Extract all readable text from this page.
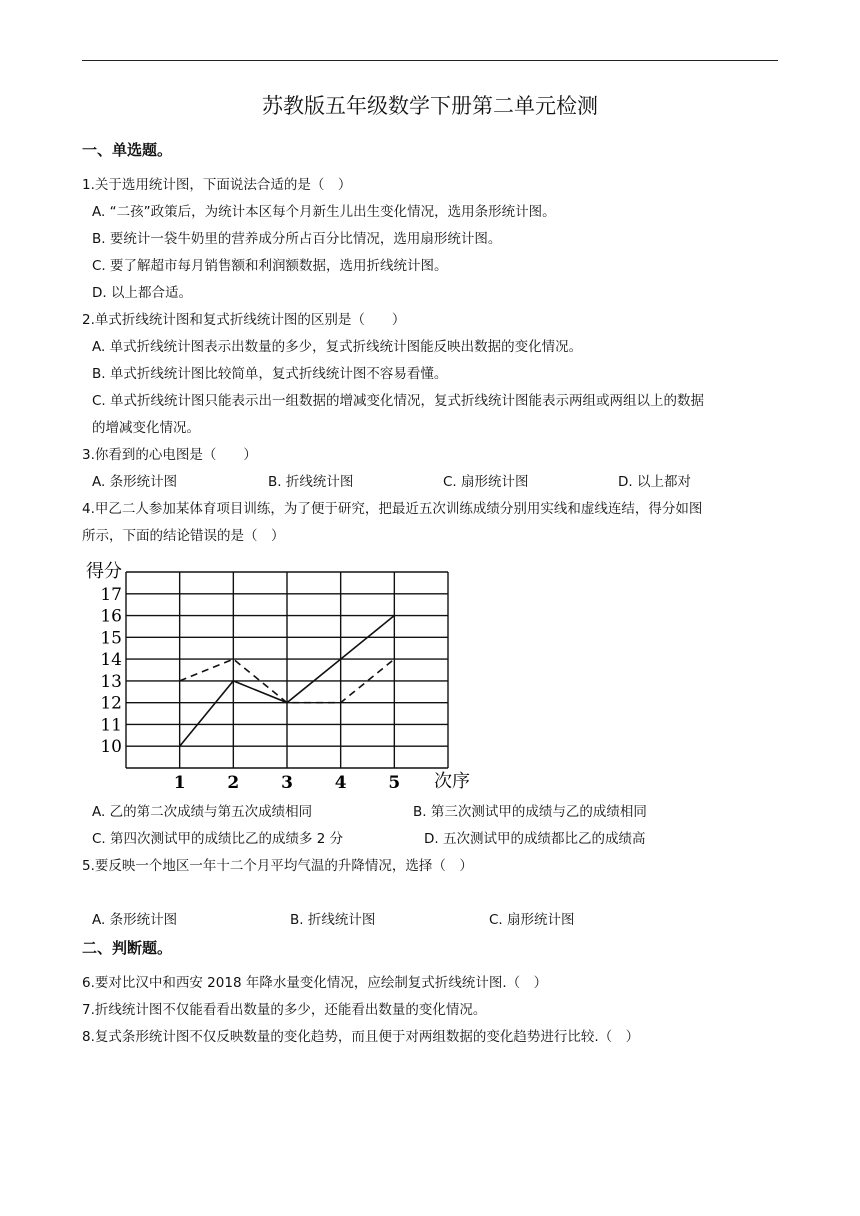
苏教版五年级数学下册第二单元检测
一、单选题。
1.关于选用统计图，下面说法合适的是（　）
A. “二孩”政策后，为统计本区每个月新生儿出生变化情况，选用条形统计图。
B. 要统计一袋牛奶里的营养成分所占百分比情况，选用扇形统计图。
C. 要了解超市每月销售额和利润额数据，选用折线统计图。
D. 以上都合适。
2.单式折线统计图和复式折线统计图的区别是（　　）
A. 单式折线统计图表示出数量的多少，复式折线统计图能反映出数据的变化情况。
B. 单式折线统计图比较简单，复式折线统计图不容易看懂。
C. 单式折线统计图只能表示出一组数据的增减变化情况，复式折线统计图能表示两组或两组以上的数据
的增减变化情况。
3.你看到的心电图是（　　）
A. 条形统计图	B. 折线统计图	C. 扇形统计图	D. 以上都对
4.甲乙二人参加某体育项目训练，为了便于研究，把最近五次训练成绩分别用实线和虚线连结，得分如图
所示，下面的结论错误的是（　）
得分
次序
10
11
12
13
14
15
16
17
1 2 3 4 5
A. 乙的第二次成绩与第五次成绩相同	B. 第三次测试甲的成绩与乙的成绩相同
C. 第四次测试甲的成绩比乙的成绩多 2 分	D. 五次测试甲的成绩都比乙的成绩高
5.要反映一个地区一年十二个月平均气温的升降情况，选择（　）
A. 条形统计图	B. 折线统计图	C. 扇形统计图
二、判断题。
6.要对比汉中和西安 2018 年降水量变化情况，应绘制复式折线统计图.（　）
7.折线统计图不仅能看看出数量的多少，还能看出数量的变化情况。
8.复式条形统计图不仅反映数量的变化趋势，而且便于对两组数据的变化趋势进行比较.（　）
